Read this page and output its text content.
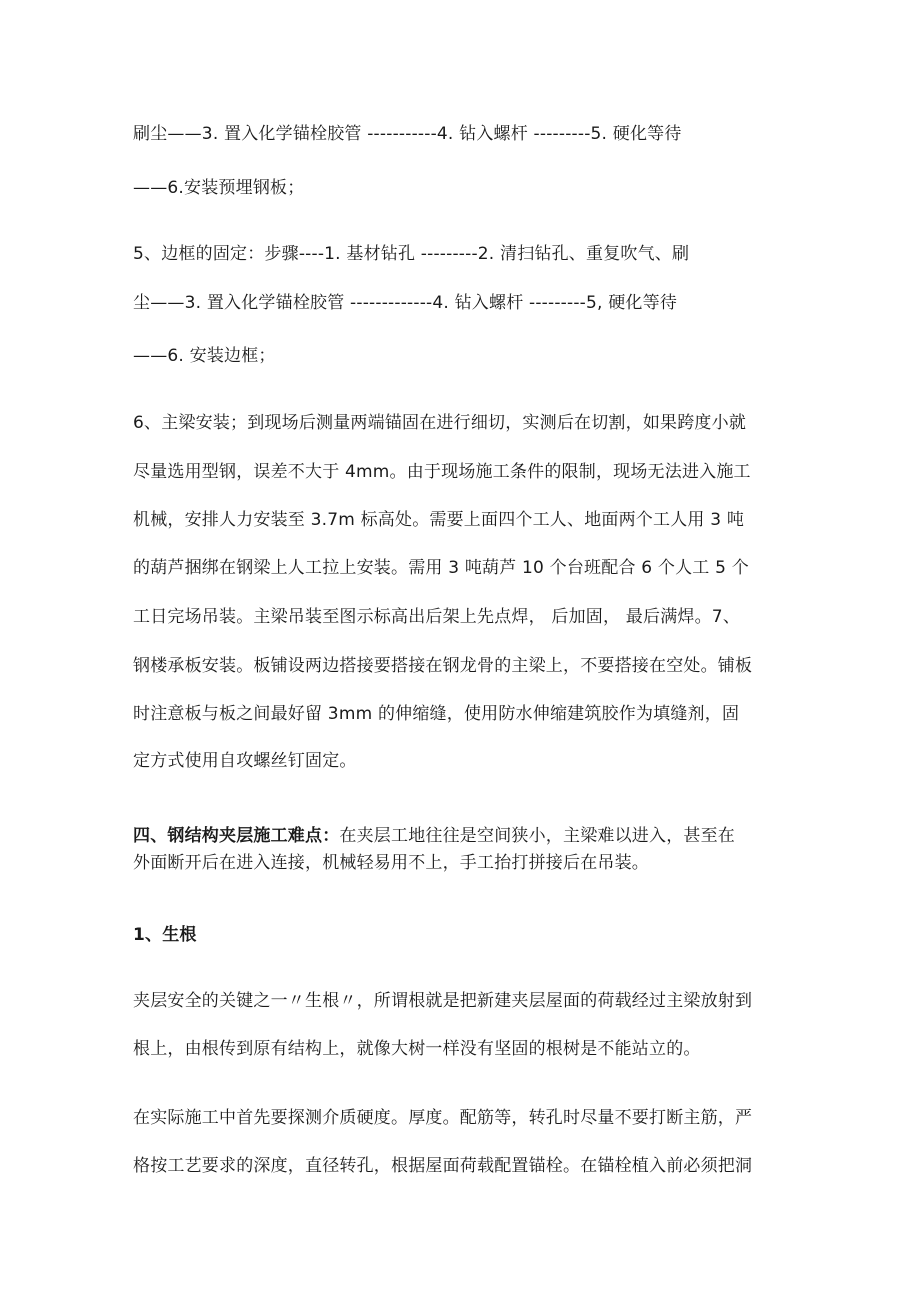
刷尘——3. 置入化学锚栓胶管 -----------4. 钻入螺杆 ---------5. 硬化等待
——6.安装预埋钢板；
5、边框的固定：步骤----1. 基材钻孔 ---------2. 清扫钻孔、重复吹气、刷
尘——3. 置入化学锚栓胶管 -------------4. 钻入螺杆 ---------5, 硬化等待
——6. 安装边框；
6、主梁安装；到现场后测量两端锚固在进行细切，实测后在切割，如果跨度小就
尽量选用型钢，误差不大于 4mm。由于现场施工条件的限制，现场无法进入施工
机械，安排人力安装至 3.7m 标高处。需要上面四个工人、地面两个工人用 3 吨
的葫芦捆绑在钢梁上人工拉上安装。需用 3 吨葫芦 10 个台班配合 6 个人工 5 个
工日完场吊装。主梁吊装至图示标高出后架上先点焊， 后加固， 最后满焊。7、
钢楼承板安装。板铺设两边搭接要搭接在钢龙骨的主梁上，不要搭接在空处。铺板
时注意板与板之间最好留 3mm 的伸缩缝，使用防水伸缩建筑胶作为填缝剂，固
定方式使用自攻螺丝钉固定。
四、钢结构夹层施工难点：在夹层工地往往是空间狭小，主梁难以进入，甚至在
外面断开后在进入连接，机械轻易用不上，手工抬打拼接后在吊装。
1、生根
夹层安全的关键之一〃生根〃，所谓根就是把新建夹层屋面的荷载经过主梁放射到
根上，由根传到原有结构上，就像大树一样没有坚固的根树是不能站立的。
在实际施工中首先要探测介质硬度。厚度。配筋等，转孔时尽量不要打断主筋，严
格按工艺要求的深度，直径转孔，根据屋面荷载配置锚栓。在锚栓植入前必须把洞
